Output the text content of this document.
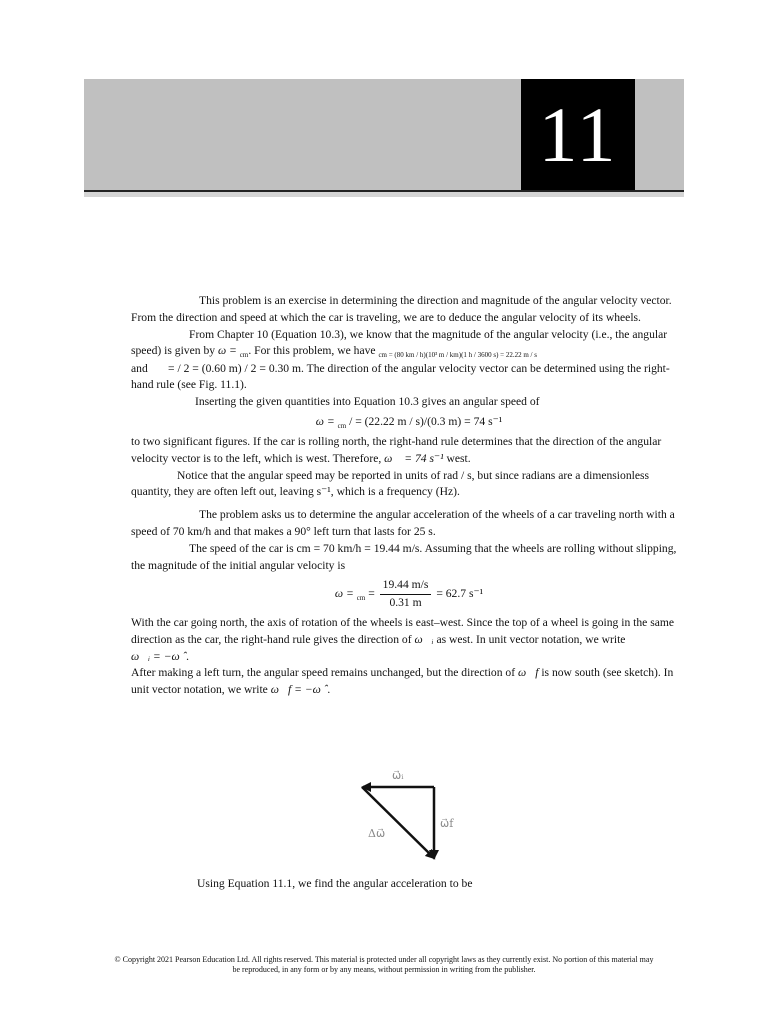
11

This problem is an exercise in determining the direction and magnitude of the angular velocity vector. From the direction and speed at which the car is traveling, we are to deduce the angular velocity of its wheels.

From Chapter 10 (Equation 10.3), we know that the magnitude of the angular velocity (i.e., the angular speed) is given by ω = $_{cm}$. For this problem, we have $_{cm = (80 km / h)(10^3 m / km)(1 h / 3600 s) = 22.22 m / s}$
and = / 2 = (0.60 m) / 2 = 0.30 m. The direction of the angular velocity vector can be determined using the right-hand rule (see Fig. 11.1).

Inserting the given quantities into Equation 10.3 gives an angular speed of

ω = $_{cm}$ / = (22.22 m / s)/(0.3 m) = 74 s⁻¹

to two significant figures. If the car is rolling north, the right-hand rule determines that the direction of the angular velocity vector is to the left, which is west. Therefore, ω⃗ = 74 s⁻¹ west.

Notice that the angular speed may be reported in units of rad / s, but since radians are a dimensionless quantity, they are often left out, leaving s⁻¹, which is a frequency (Hz).

The problem asks us to determine the angular acceleration of the wheels of a car traveling north with a speed of 70 km/h and that makes a 90° left turn that lasts for 25 s.

The speed of the car is cm = 70 km/h = 19.44 m/s. Assuming that the wheels are rolling without slipping, the magnitude of the initial angular velocity is

$\omega = _{cm} = \frac{19.44 m/s}{0.31 m} = 62.7$ s⁻¹

With the car going north, the axis of rotation of the wheels is east–west. Since the top of a wheel is going in the same direction as the car, the right-hand rule gives the direction of ω⃗ᵢ as west. In unit vector notation, we write
ω⃗ᵢ = −ω ˆ.

After making a left turn, the angular speed remains unchanged, but the direction of ω⃗f is now south (see sketch). In unit vector notation, we write ω⃗f = −ω ˆ.

ω⃗ᵢ
ω⃗f
Δω⃗
Using Equation 11.1, we find the angular acceleration to be
© Copyright 2021 Pearson Education Ltd. All rights reserved. This material is protected under all copyright laws as they currently exist. No portion of this material may
be reproduced, in any form or by any means, without permission in writing from the publisher.
